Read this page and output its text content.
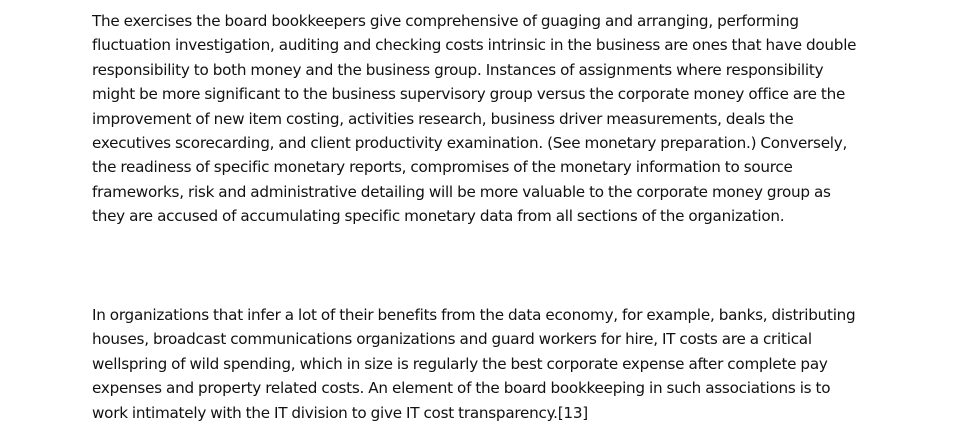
The exercises the board bookkeepers give comprehensive of guaging and arranging, performing fluctuation investigation, auditing and checking costs intrinsic in the business are ones that have double responsibility to both money and the business group. Instances of assignments where responsibility might be more significant to the business supervisory group versus the corporate money office are the improvement of new item costing, activities research, business driver measurements, deals the executives scorecarding, and client productivity examination. (See monetary preparation.) Conversely, the readiness of specific monetary reports, compromises of the monetary information to source frameworks, risk and administrative detailing will be more valuable to the corporate money group as they are accused of accumulating specific monetary data from all sections of the organization.

In organizations that infer a lot of their benefits from the data economy, for example, banks, distributing houses, broadcast communications organizations and guard workers for hire, IT costs are a critical wellspring of wild spending, which in size is regularly the best corporate expense after complete pay expenses and property related costs. An element of the board bookkeeping in such associations is to work intimately with the IT division to give IT cost transparency.[13]
